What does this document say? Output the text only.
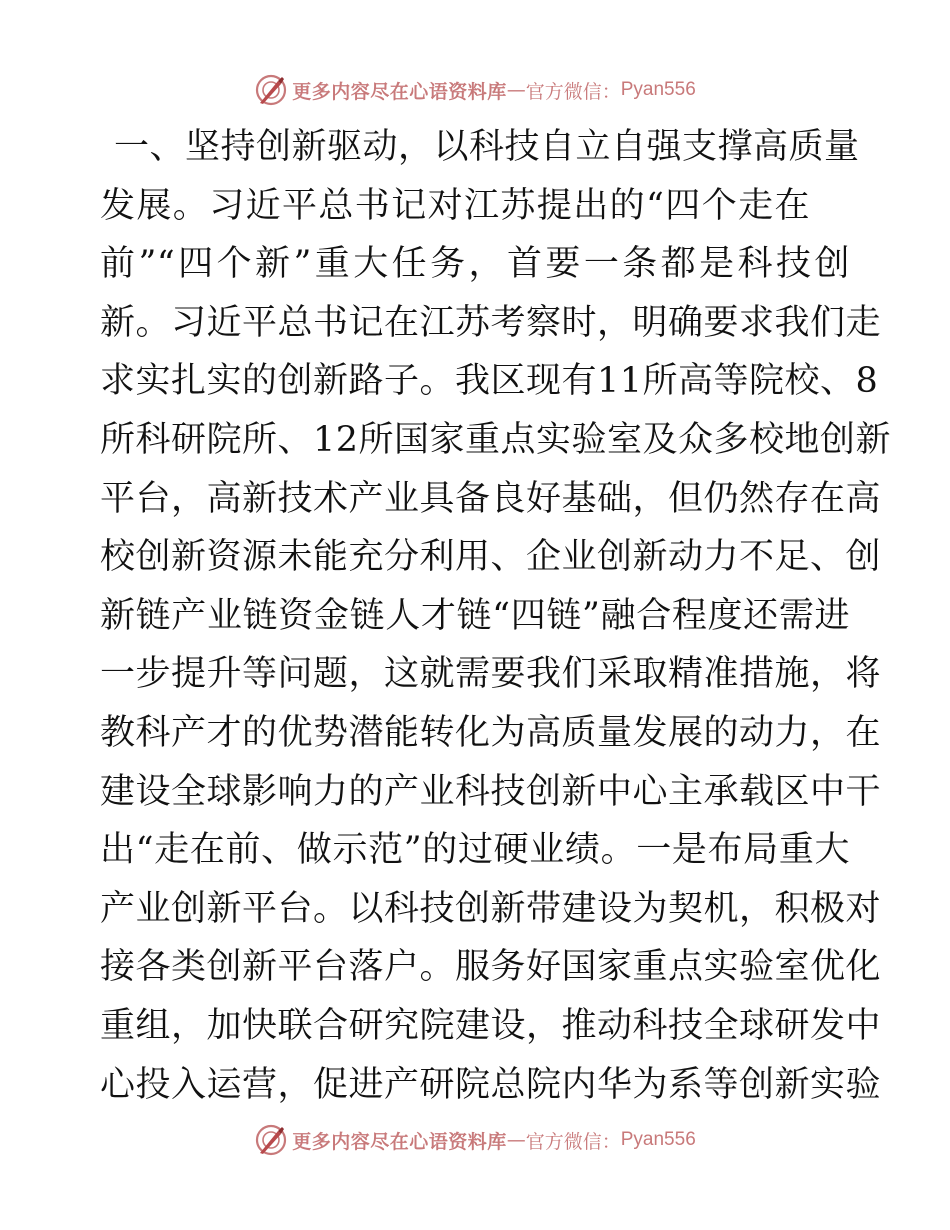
更多内容尽在心语资料库 — 官方微信： Pyan556
一、坚持创新驱动，以科技自立自强支撑高质量
发展。习近平总书记对江苏提出的“四个走在
前”“四个新”重大任务，首要一条都是科技创
新。习近平总书记在江苏考察时，明确要求我们走
求实扎实的创新路子。我区现有11所高等院校、8
所科研院所、12所国家重点实验室及众多校地创新
平台，高新技术产业具备良好基础，但仍然存在高
校创新资源未能充分利用、企业创新动力不足、创
新链产业链资金链人才链“四链”融合程度还需进
一步提升等问题，这就需要我们采取精准措施，将
教科产才的优势潜能转化为高质量发展的动力，在
建设全球影响力的产业科技创新中心主承载区中干
出“走在前、做示范”的过硬业绩。一是布局重大
产业创新平台。以科技创新带建设为契机，积极对
接各类创新平台落户。服务好国家重点实验室优化
重组，加快联合研究院建设，推动科技全球研发中
心投入运营，促进产研院总院内华为系等创新实验
更多内容尽在心语资料库 — 官方微信： Pyan556
